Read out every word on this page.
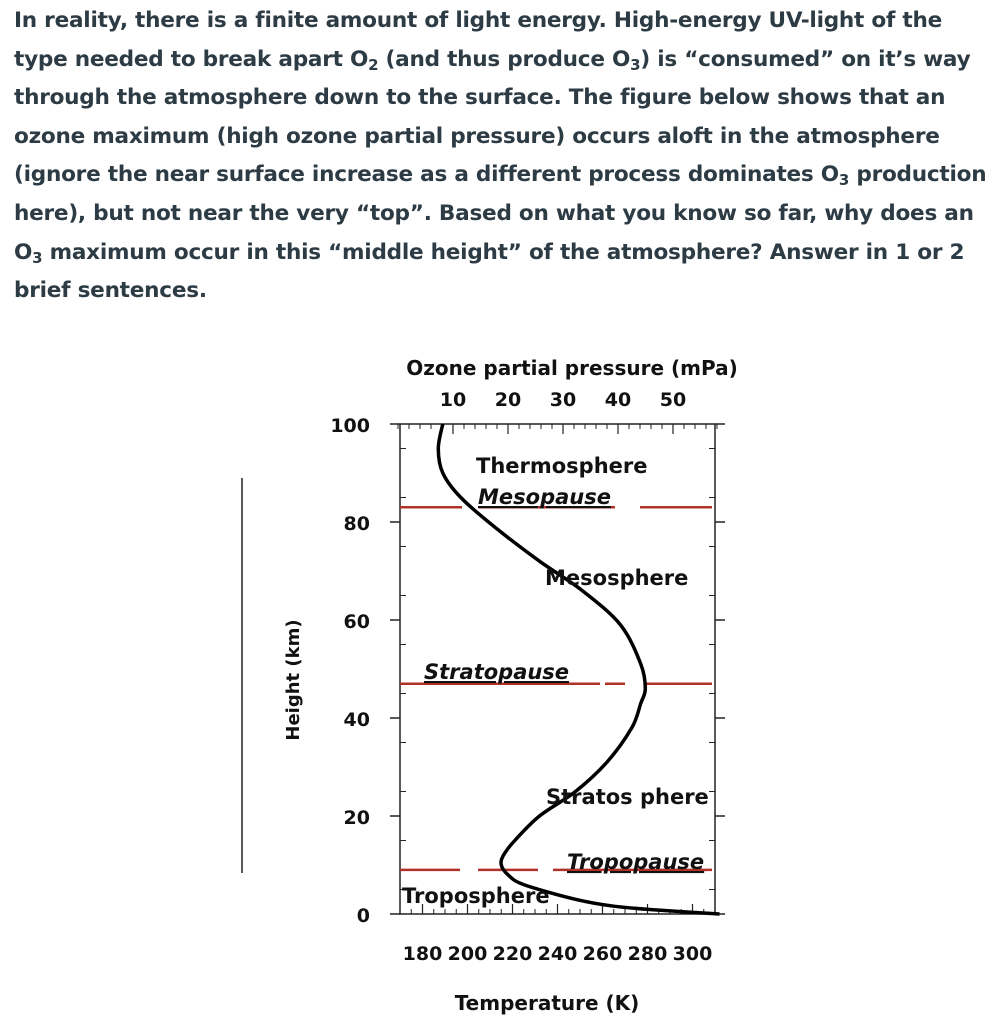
In reality, there is a finite amount of light energy. High-energy UV-light of the type needed to break apart $O_2$ (and thus produce $O_3$) is “consumed” on it’s way through the atmosphere down to the surface. The figure below shows that an ozone maximum (high ozone partial pressure) occurs aloft in the atmosphere (ignore the near surface increase as a different process dominates $O_3$ production here), but not near the very “top”. Based on what you know so far, why does an $O_3$ maximum occur in this “middle height” of the atmosphere? Answer in 1 or 2 brief sentences.
0
20
40
60
80
100
180 200 220 240 260 280 300
10 20 30 40 50
Thermosphere
Mesopause
Mesosphere
Stratopause
Stratos phere
Tropopause
Troposphere
Ozone partial pressure (mPa)
Temperature (K)
Height (km)
